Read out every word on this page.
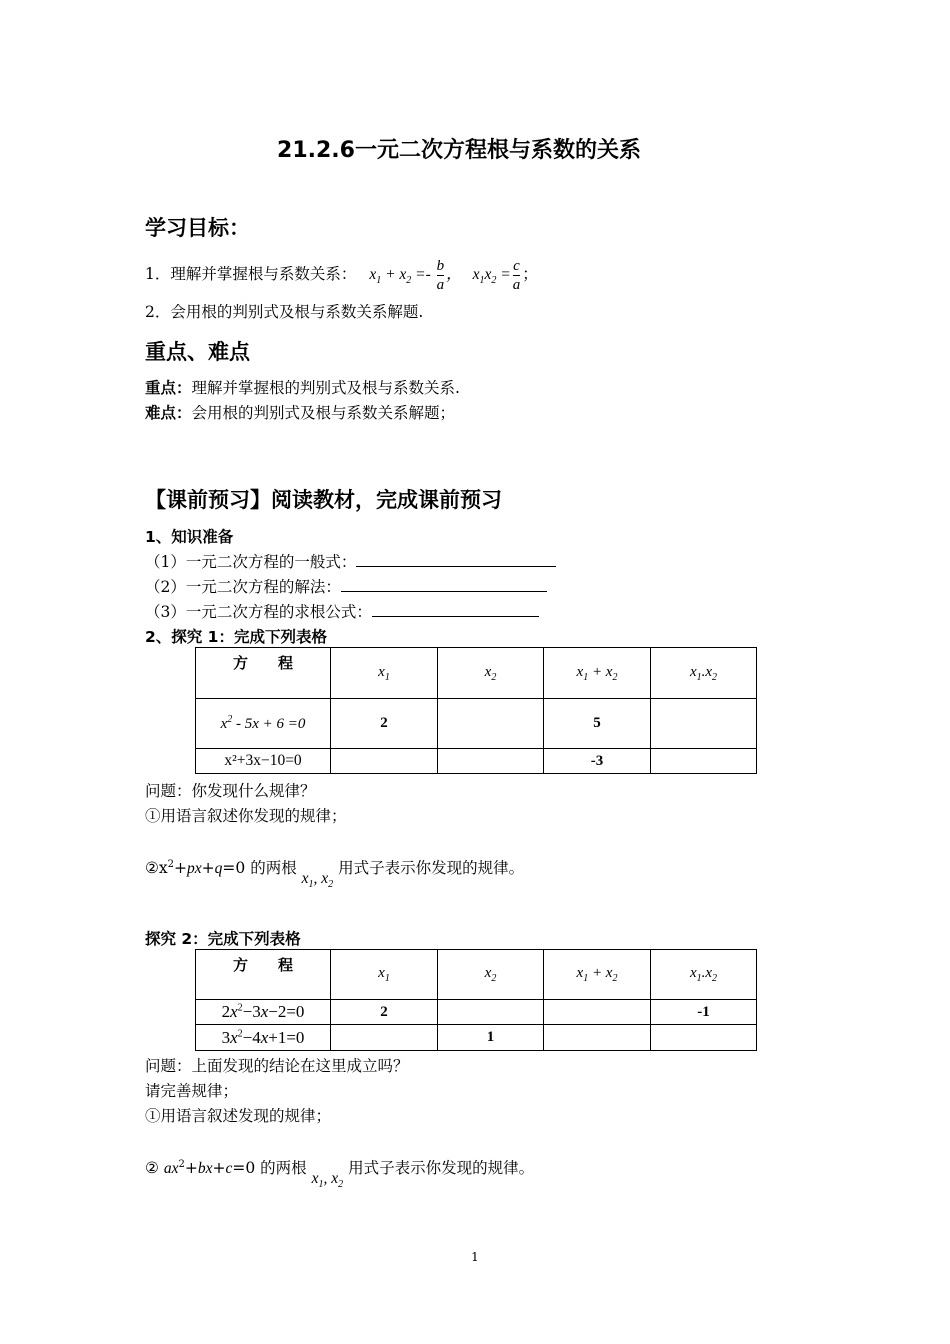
21.2.6一元二次方程根与系数的关系
学习目标：
1．理解并掌握根与系数关系： $x_1 + x_2 =- \frac{b}{a}$ ， $x_1x_2 = \frac{c}{a}$ ；
2．会用根的判别式及根与系数关系解题.
重点、难点
重点：理解并掌握根的判别式及根与系数关系.
难点：会用根的判别式及根与系数关系解题；
【课前预习】阅读教材，完成课前预习
1、知识准备
（1）一元二次方程的一般式：
（2）一元二次方程的解法：
（3）一元二次方程的求根公式：
2、探究 1：完成下列表格
方　　程	$x_1$	$x_2$	$x_1 + x_2$	$x_1.x_2$
$x^2 - 5x + 6 =0$	2		5	
x²+3x−10=0			-3	
问题：你发现什么规律？
①用语言叙述你发现的规律；
$②x^2+px+q=0$ 的两根 $x_1$, $x_2$ 用式子表示你发现的规律。
探究 2：完成下列表格
方　　程	$x_1$	$x_2$	$x_1 + x_2$	$x_1.x_2$
$2x^2-3x-2=0$	2			-1
$3x^2-4x+1=0$		1		
问题：上面发现的结论在这里成立吗？
请完善规律；
①用语言叙述发现的规律；
② $ax^2+bx+c=0$ 的两根 $x_1$, $x_2$ 用式子表示你发现的规律。
1
